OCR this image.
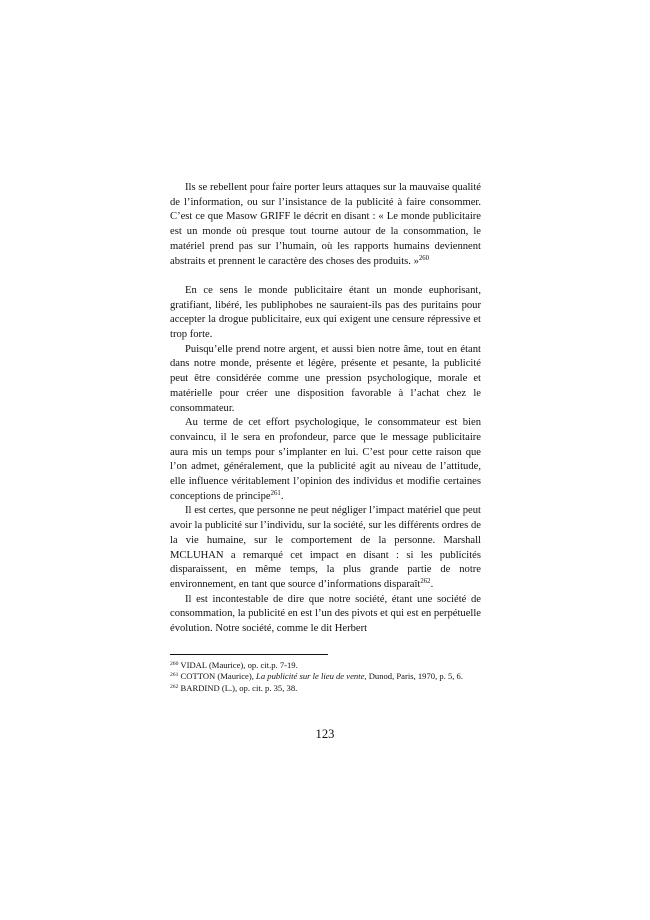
Ils se rebellent pour faire porter leurs attaques sur la mauvaise qualité de l’information, ou sur l’insistance de la publicité à faire consommer. C’est ce que Masow GRIFF le décrit en disant : « Le monde publicitaire est un monde où presque tout tourne autour de la consommation, le matériel prend pas sur l’humain, où les rapports humains deviennent abstraits et prennent le caractère des choses des produits. »$^{260}$

En ce sens le monde publicitaire étant un monde euphorisant, gratifiant, libéré, les publiphobes ne sauraient-ils pas des puritains pour accepter la drogue publicitaire, eux qui exigent une censure répressive et trop forte.

Puisqu’elle prend notre argent, et aussi bien notre âme, tout en étant dans notre monde, présente et légère, présente et pesante, la publicité peut être considérée comme une pression psychologique, morale et matérielle pour créer une disposition favorable à l’achat chez le consommateur.

Au terme de cet effort psychologique, le consommateur est bien convaincu, il le sera en profondeur, parce que le message publicitaire aura mis un temps pour s’implanter en lui. C’est pour cette raison que l’on admet, généralement, que la publicité agit au niveau de l’attitude, elle influence véritablement l’opinion des individus et modifie certaines conceptions de principe$^{261}$.

Il est certes, que personne ne peut négliger l’impact matériel que peut avoir la publicité sur l’individu, sur la société, sur les différents ordres de la vie humaine, sur le comportement de la personne. Marshall MCLUHAN a remarqué cet impact en disant : si les publicités disparaissent, en même temps, la plus grande partie de notre environnement, en tant que source d’informations disparaît$^{262}$.

Il est incontestable de dire que notre société, étant une société de consommation, la publicité en est l’un des pivots et qui est en perpétuelle évolution. Notre société, comme le dit Herbert

$^{260}$ VIDAL (Maurice), op. cit.p. 7-19.

$^{261}$ COTTON (Maurice), La publicité sur le lieu de vente, Dunod, Paris, 1970, p. 5, 6.

$^{262}$ BARDIND (L.), op. cit. p. 35, 38.

123
